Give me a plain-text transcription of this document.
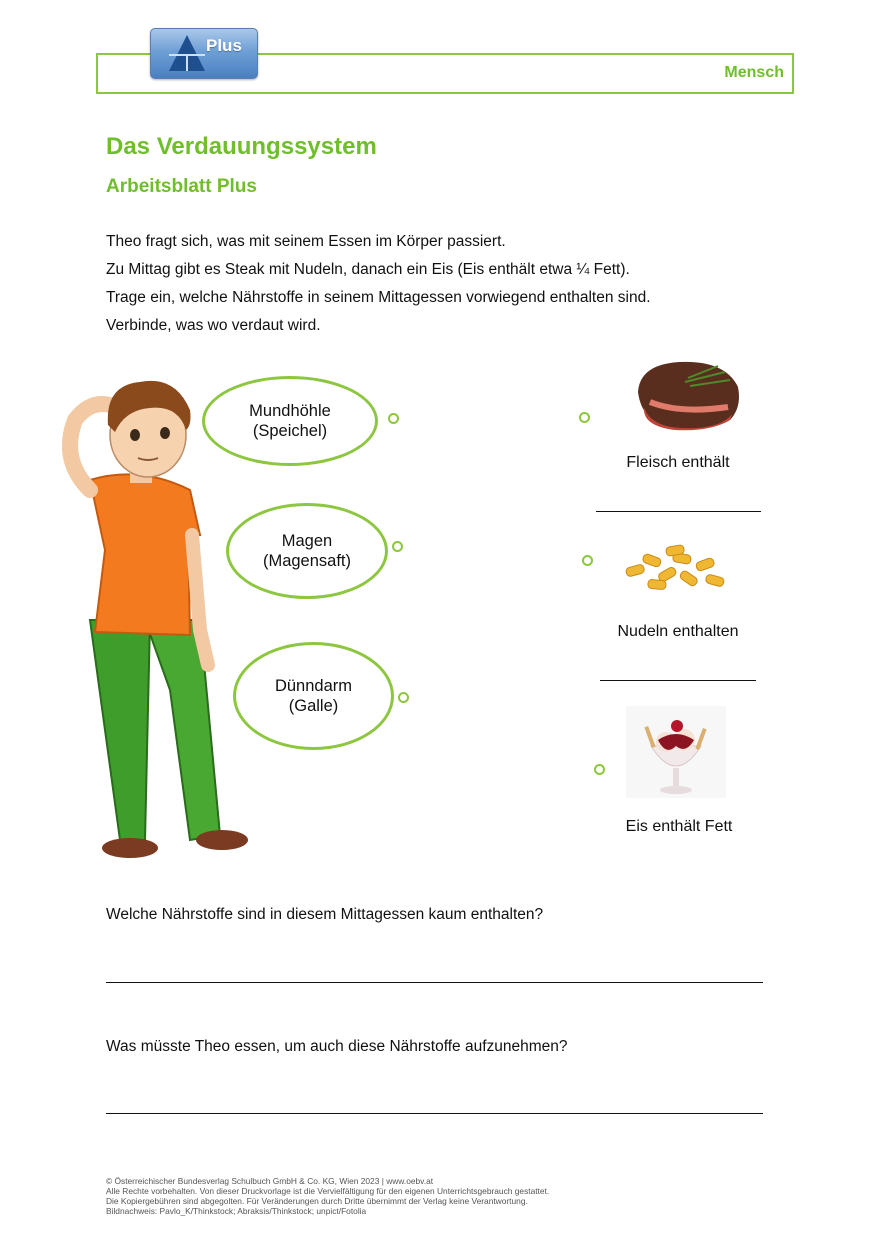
Mensch
Plus
Das Verdauungssystem
Arbeitsblatt Plus

Theo fragt sich, was mit seinem Essen im Körper passiert.

Zu Mittag gibt es Steak mit Nudeln, danach ein Eis (Eis enthält etwa ¼ Fett).

Trage ein, welche Nährstoffe in seinem Mittagessen vorwiegend enthalten sind.

Verbinde, was wo verdaut wird.

Mundhöhle
(Speichel)
Magen
(Magensaft)
Dünndarm
(Galle)
Fleisch enthält
Nudeln enthalten
Eis enthält Fett
Welche Nährstoffe sind in diesem Mittagessen kaum enthalten?
Was müsste Theo essen, um auch diese Nährstoffe aufzunehmen?
© Österreichischer Bundesverlag Schulbuch GmbH & Co. KG, Wien 2023 | www.oebv.at
Alle Rechte vorbehalten. Von dieser Druckvorlage ist die Vervielfältigung für den eigenen Unterrichtsgebrauch gestattet.
Die Kopiergebühren sind abgegolten. Für Veränderungen durch Dritte übernimmt der Verlag keine Verantwortung.
Bildnachweis: Pavlo_K/Thinkstock; Abraksis/Thinkstock; unpict/Fotolia
